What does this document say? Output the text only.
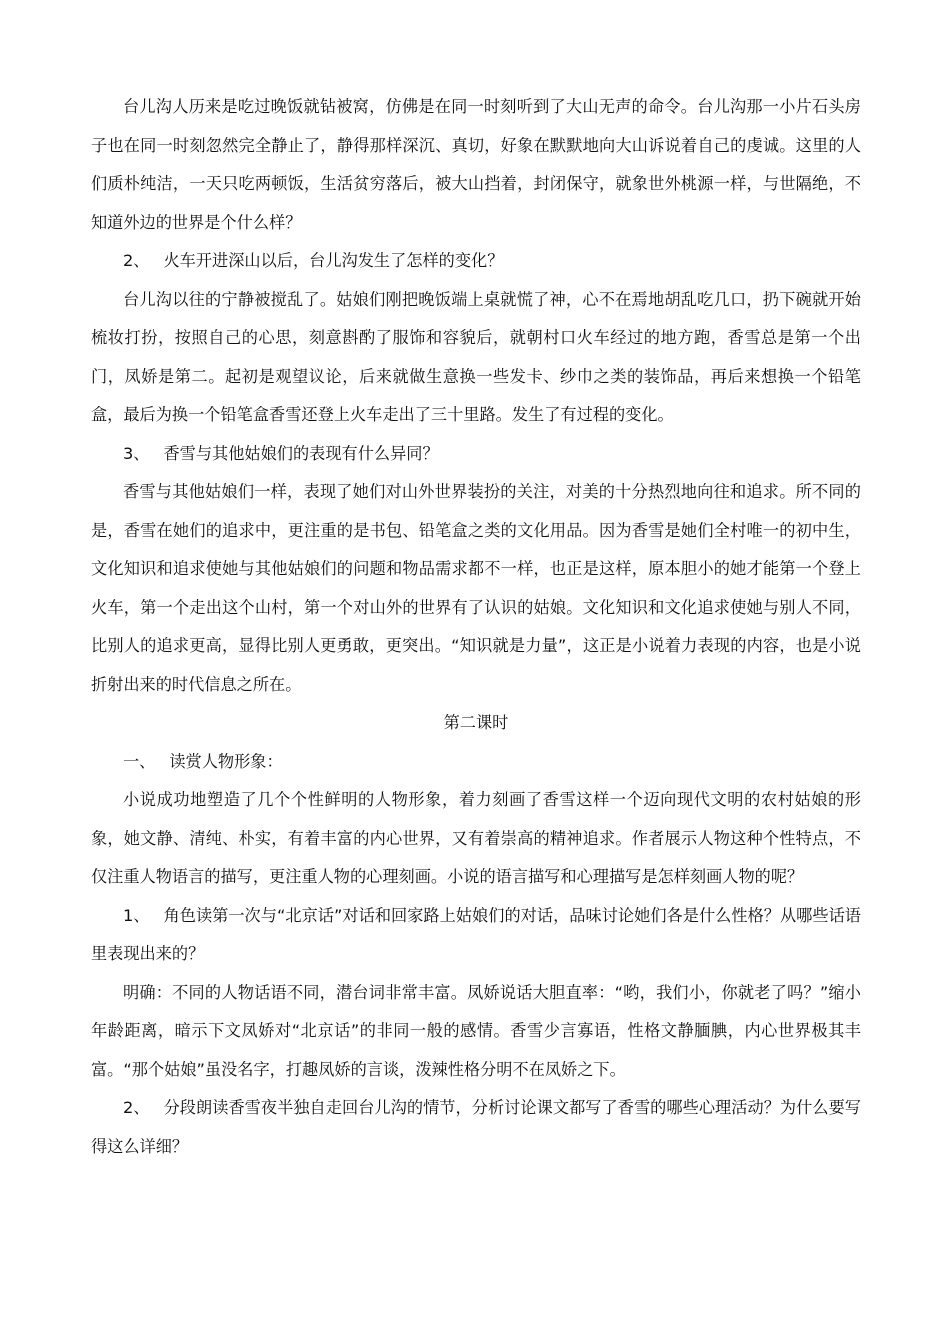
台儿沟人历来是吃过晚饭就钻被窝，仿佛是在同一时刻听到了大山无声的命令。台儿沟那一小片石头房子也在同一时刻忽然完全静止了，静得那样深沉、真切，好象在默默地向大山诉说着自己的虔诚。这里的人们质朴纯洁，一天只吃两顿饭，生活贫穷落后，被大山挡着，封闭保守，就象世外桃源一样，与世隔绝，不知道外边的世界是个什么样？

2、 火车开进深山以后，台儿沟发生了怎样的变化？

台儿沟以往的宁静被搅乱了。姑娘们刚把晚饭端上桌就慌了神，心不在焉地胡乱吃几口，扔下碗就开始梳妆打扮，按照自己的心思，刻意斟酌了服饰和容貌后，就朝村口火车经过的地方跑，香雪总是第一个出门，凤娇是第二。起初是观望议论，后来就做生意换一些发卡、纱巾之类的装饰品，再后来想换一个铅笔盒，最后为换一个铅笔盒香雪还登上火车走出了三十里路。发生了有过程的变化。

3、 香雪与其他姑娘们的表现有什么异同？

香雪与其他姑娘们一样，表现了她们对山外世界装扮的关注，对美的十分热烈地向往和追求。所不同的是，香雪在她们的追求中，更注重的是书包、铅笔盒之类的文化用品。因为香雪是她们全村唯一的初中生，文化知识和追求使她与其他姑娘们的问题和物品需求都不一样，也正是这样，原本胆小的她才能第一个登上火车，第一个走出这个山村，第一个对山外的世界有了认识的姑娘。文化知识和文化追求使她与别人不同，比别人的追求更高，显得比别人更勇敢，更突出。“知识就是力量”，这正是小说着力表现的内容，也是小说折射出来的时代信息之所在。

第二课时

一、 读赏人物形象：

小说成功地塑造了几个个性鲜明的人物形象，着力刻画了香雪这样一个迈向现代文明的农村姑娘的形象，她文静、清纯、朴实，有着丰富的内心世界，又有着崇高的精神追求。作者展示人物这种个性特点，不仅注重人物语言的描写，更注重人物的心理刻画。小说的语言描写和心理描写是怎样刻画人物的呢？

1、 角色读第一次与“北京话”对话和回家路上姑娘们的对话，品味讨论她们各是什么性格？从哪些话语里表现出来的？

明确：不同的人物话语不同，潜台词非常丰富。凤娇说话大胆直率：“哟，我们小，你就老了吗？”缩小年龄距离，暗示下文凤娇对“北京话”的非同一般的感情。香雪少言寡语，性格文静腼腆，内心世界极其丰富。“那个姑娘”虽没名字，打趣凤娇的言谈，泼辣性格分明不在凤娇之下。

2、 分段朗读香雪夜半独自走回台儿沟的情节，分析讨论课文都写了香雪的哪些心理活动？为什么要写得这么详细？
